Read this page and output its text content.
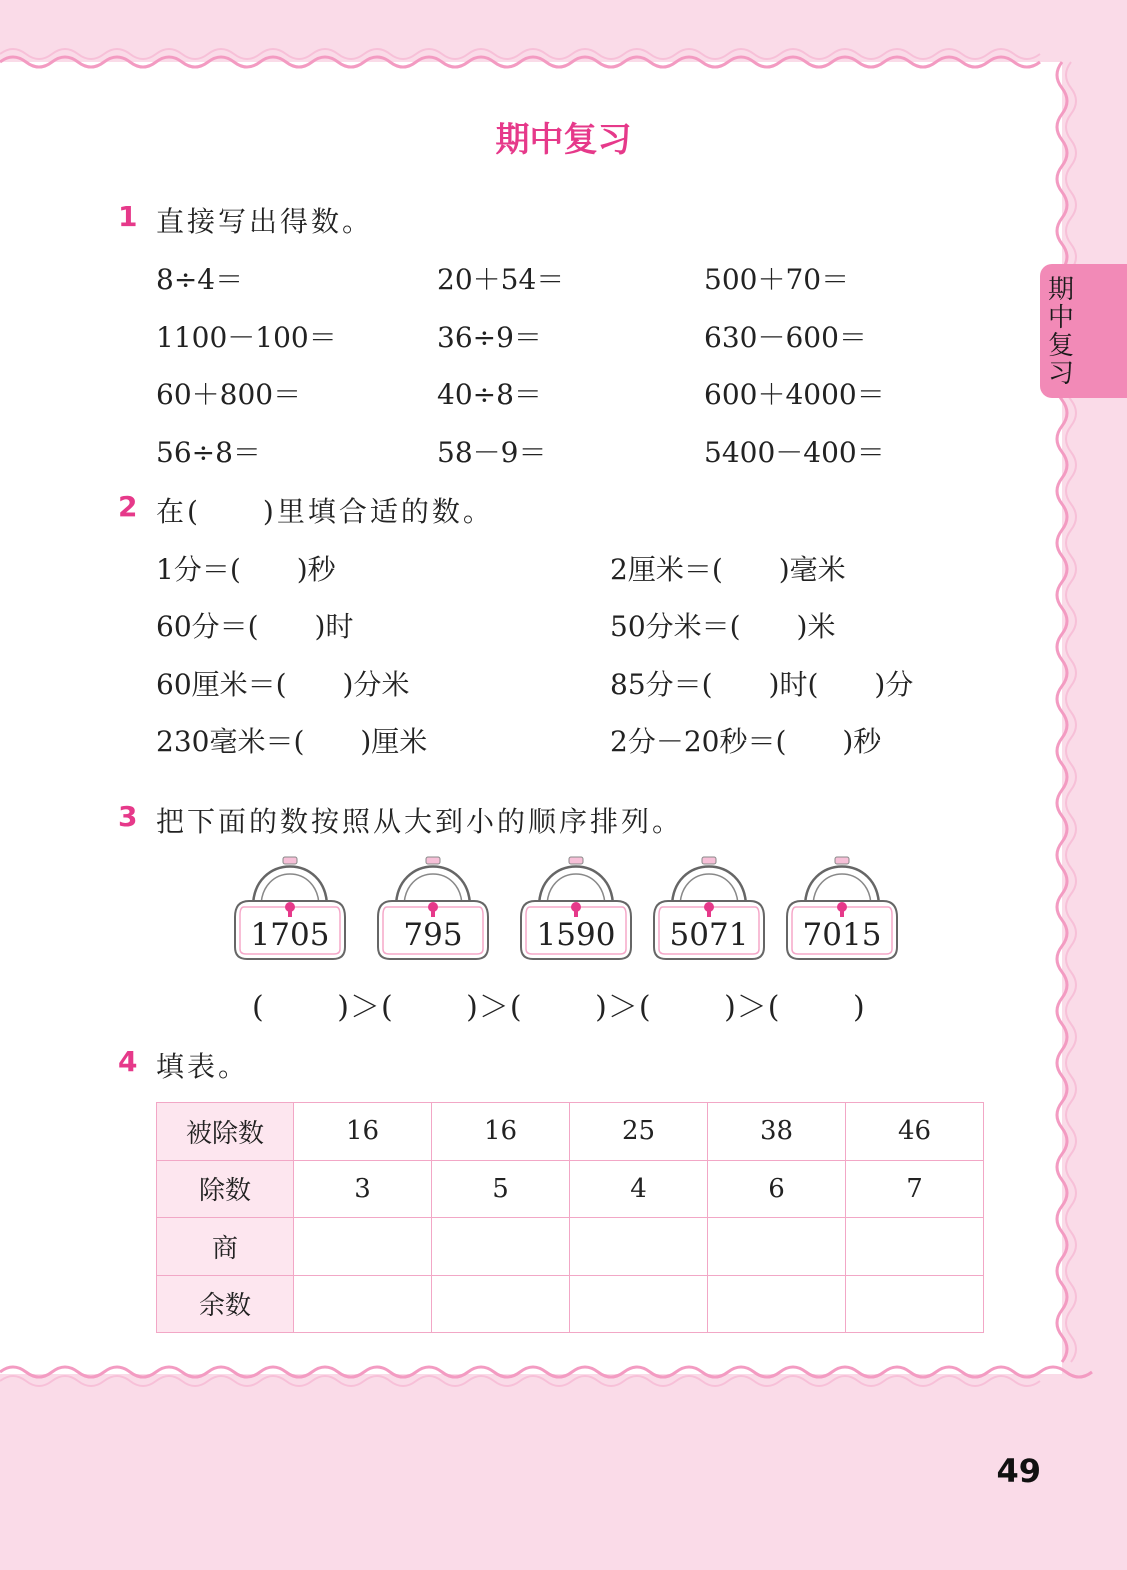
期中复习
期中复习
1 直接写出得数。
8÷4＝	20＋54＝	500＋70＝
1100－100＝	36÷9＝	630－600＝
60＋800＝	40÷8＝	600＋4000＝
56÷8＝	58－9＝	5400－400＝
2 在(　　)里填合适的数。
1分＝(　　)秒	2厘米＝(　　)毫米
60分＝(　　)时	50分米＝(　　)米
60厘米＝(　　)分米	85分＝(　　)时(　　)分
230毫米＝(　　)厘米	2分－20秒＝(　　)秒
3 把下面的数按照从大到小的顺序排列。
1705	795	1590	5071	7015
(　　 )＞(　　 )＞(　　 )＞(　　 )＞(　　 )
4 填表。
被除数	16	16	25	38	46
除数	3	5	4	6	7
商					
余数					
49
